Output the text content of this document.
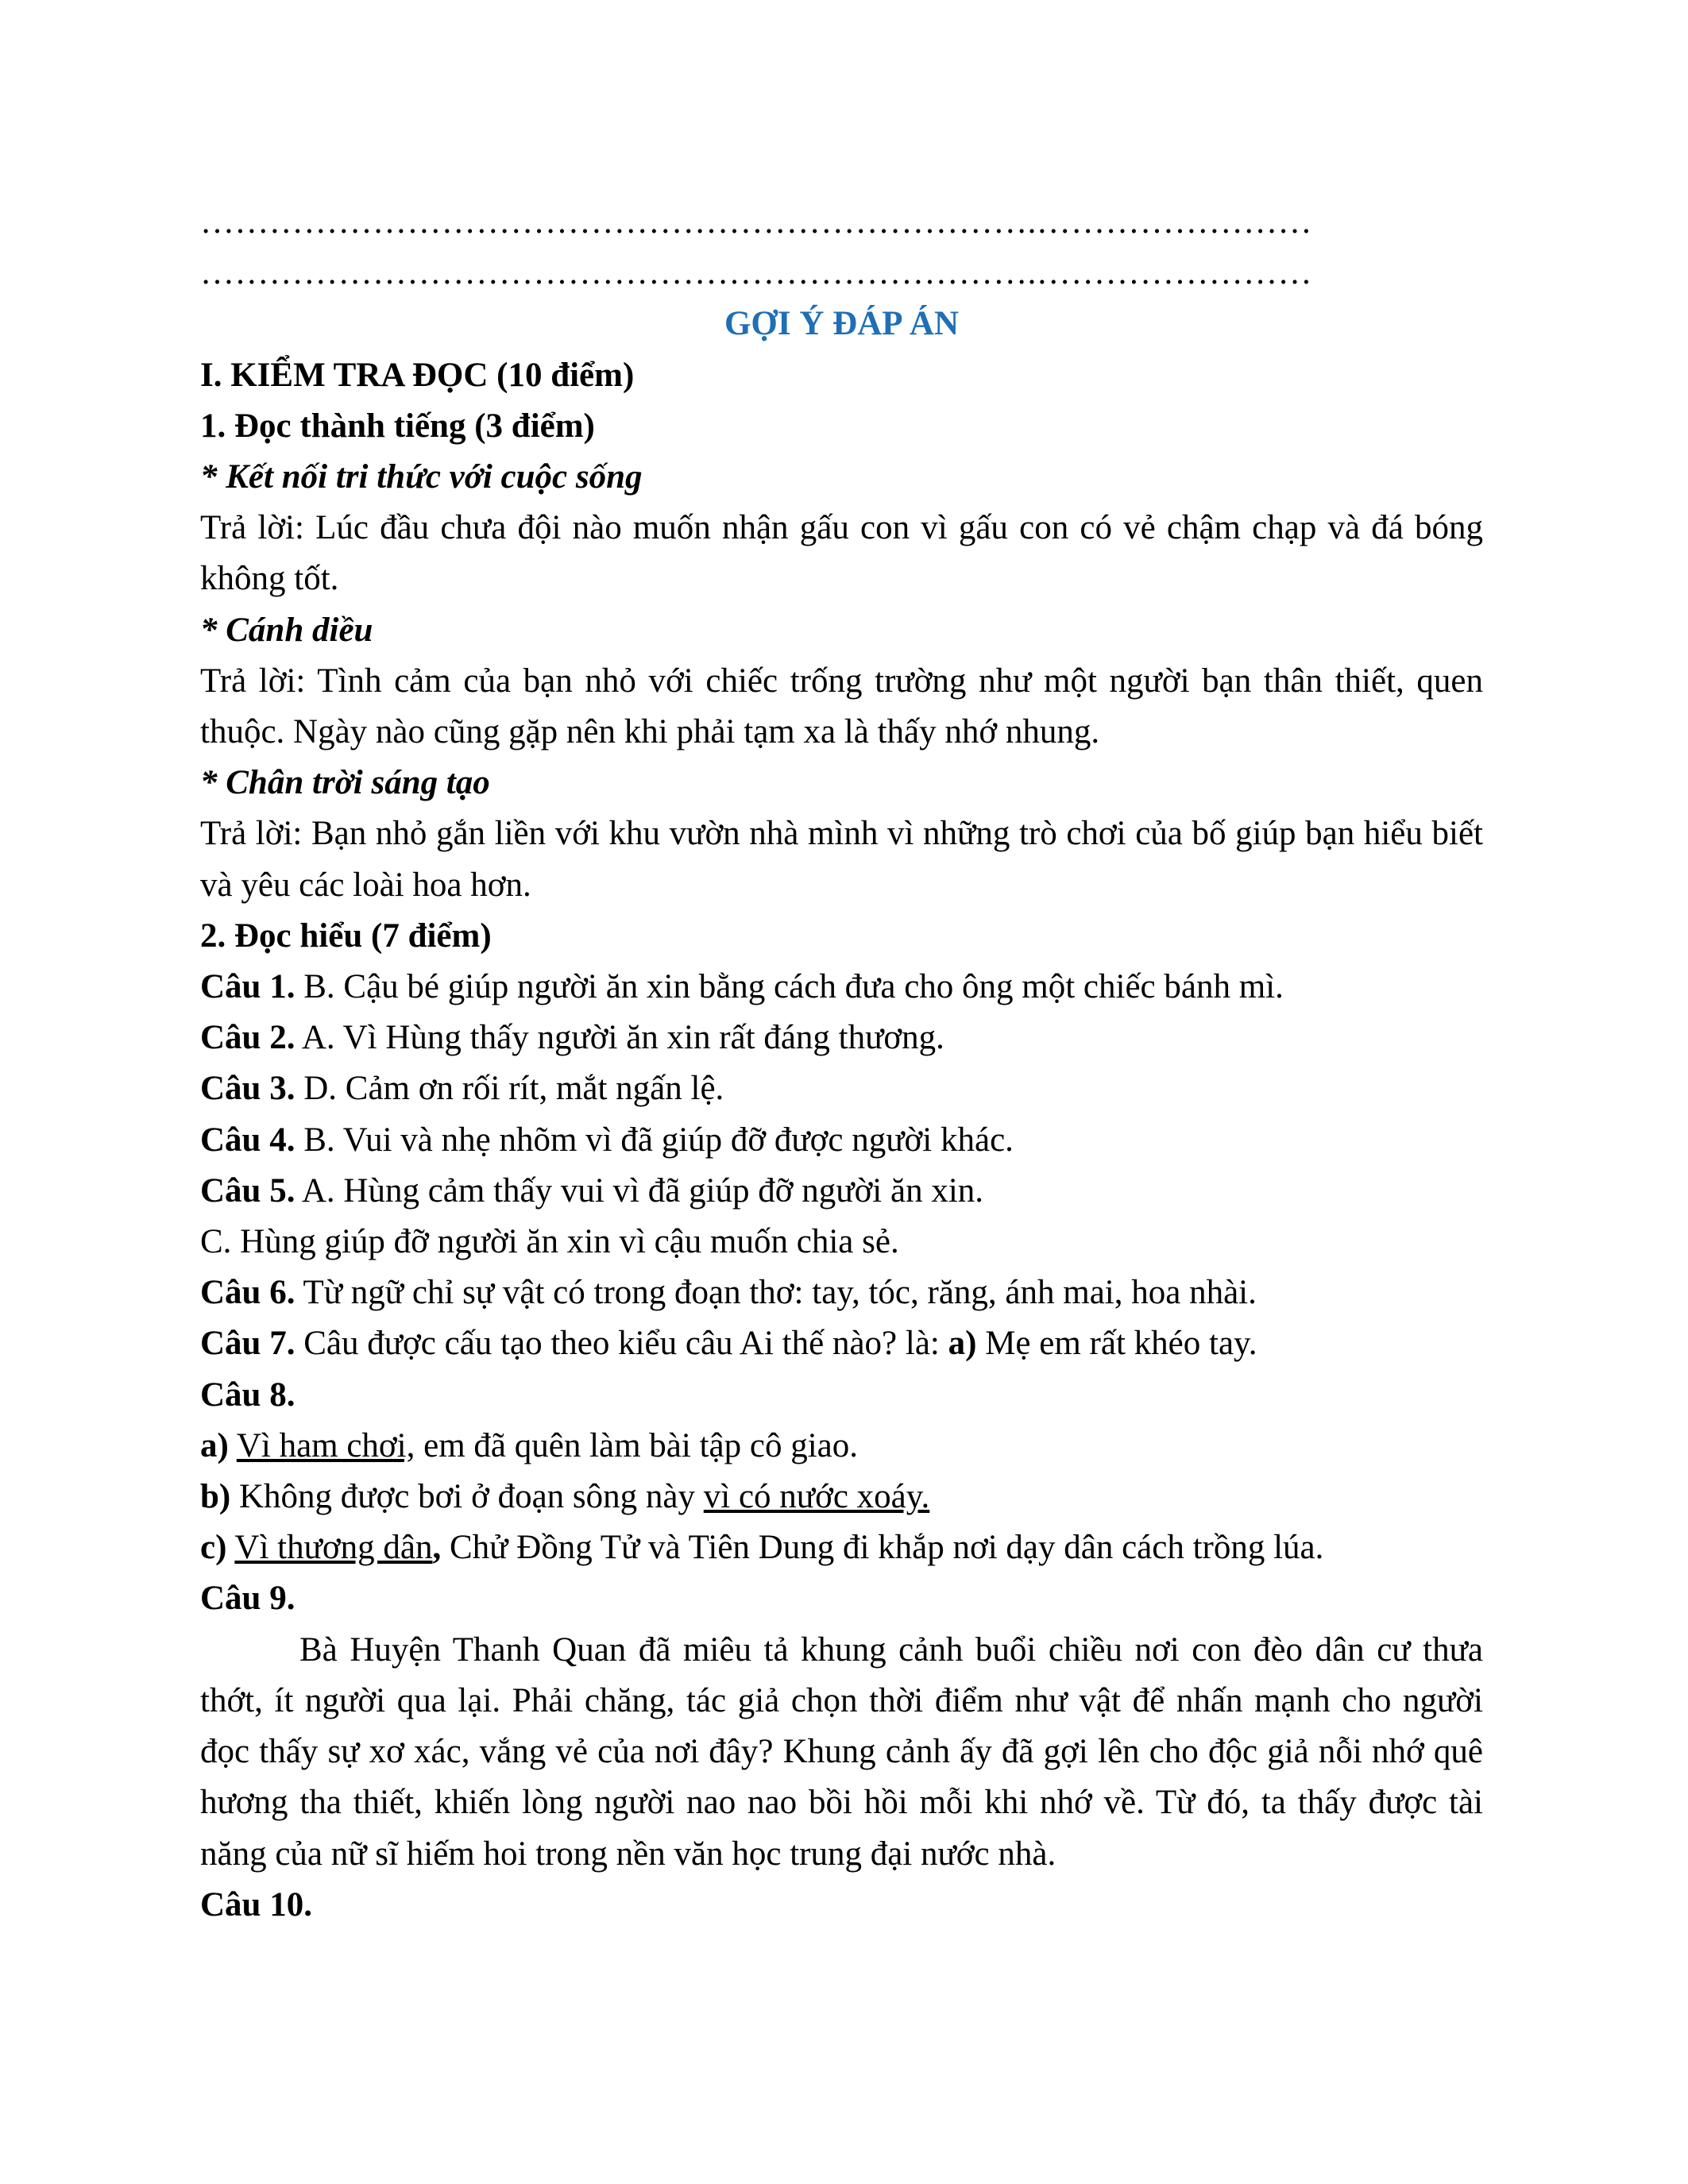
……………………………………………………………….……………………
……………………………………………………………….……………………
GỢI Ý ĐÁP ÁN
I. KIỂM TRA ĐỌC (10 điểm)
1. Đọc thành tiếng (3 điểm)
* Kết nối tri thức với cuộc sống

Trả lời: Lúc đầu chưa đội nào muốn nhận gấu con vì gấu con có vẻ chậm chạp và đá bóng không tốt.

* Cánh diều

Trả lời: Tình cảm của bạn nhỏ với chiếc trống trường như một người bạn thân thiết, quen thuộc. Ngày nào cũng gặp nên khi phải tạm xa là thấy nhớ nhung.

* Chân trời sáng tạo

Trả lời: Bạn nhỏ gắn liền với khu vườn nhà mình vì những trò chơi của bố giúp bạn hiểu biết và yêu các loài hoa hơn.

2. Đọc hiểu (7 điểm)
Câu 1. B. Cậu bé giúp người ăn xin bằng cách đưa cho ông một chiếc bánh mì.
Câu 2. A. Vì Hùng thấy người ăn xin rất đáng thương.
Câu 3. D. Cảm ơn rối rít, mắt ngấn lệ.
Câu 4. B. Vui và nhẹ nhõm vì đã giúp đỡ được người khác.
Câu 5. A. Hùng cảm thấy vui vì đã giúp đỡ người ăn xin.
C. Hùng giúp đỡ người ăn xin vì cậu muốn chia sẻ.
Câu 6. Từ ngữ chỉ sự vật có trong đoạn thơ: tay, tóc, răng, ánh mai, hoa nhài.
Câu 7. Câu được cấu tạo theo kiểu câu Ai thế nào? là: a) Mẹ em rất khéo tay.
Câu 8.
a) Vì ham chơi, em đã quên làm bài tập cô giao.
b) Không được bơi ở đoạn sông này vì có nước xoáy.
c) Vì thương dân, Chử Đồng Tử và Tiên Dung đi khắp nơi dạy dân cách trồng lúa.
Câu 9.

Bà Huyện Thanh Quan đã miêu tả khung cảnh buổi chiều nơi con đèo dân cư thưa thớt, ít người qua lại. Phải chăng, tác giả chọn thời điểm như vật để nhấn mạnh cho người đọc thấy sự xơ xác, vắng vẻ của nơi đây? Khung cảnh ấy đã gợi lên cho độc giả nỗi nhớ quê hương tha thiết, khiến lòng người nao nao bồi hồi mỗi khi nhớ về. Từ đó, ta thấy được tài năng của nữ sĩ hiếm hoi trong nền văn học trung đại nước nhà.

Câu 10.
